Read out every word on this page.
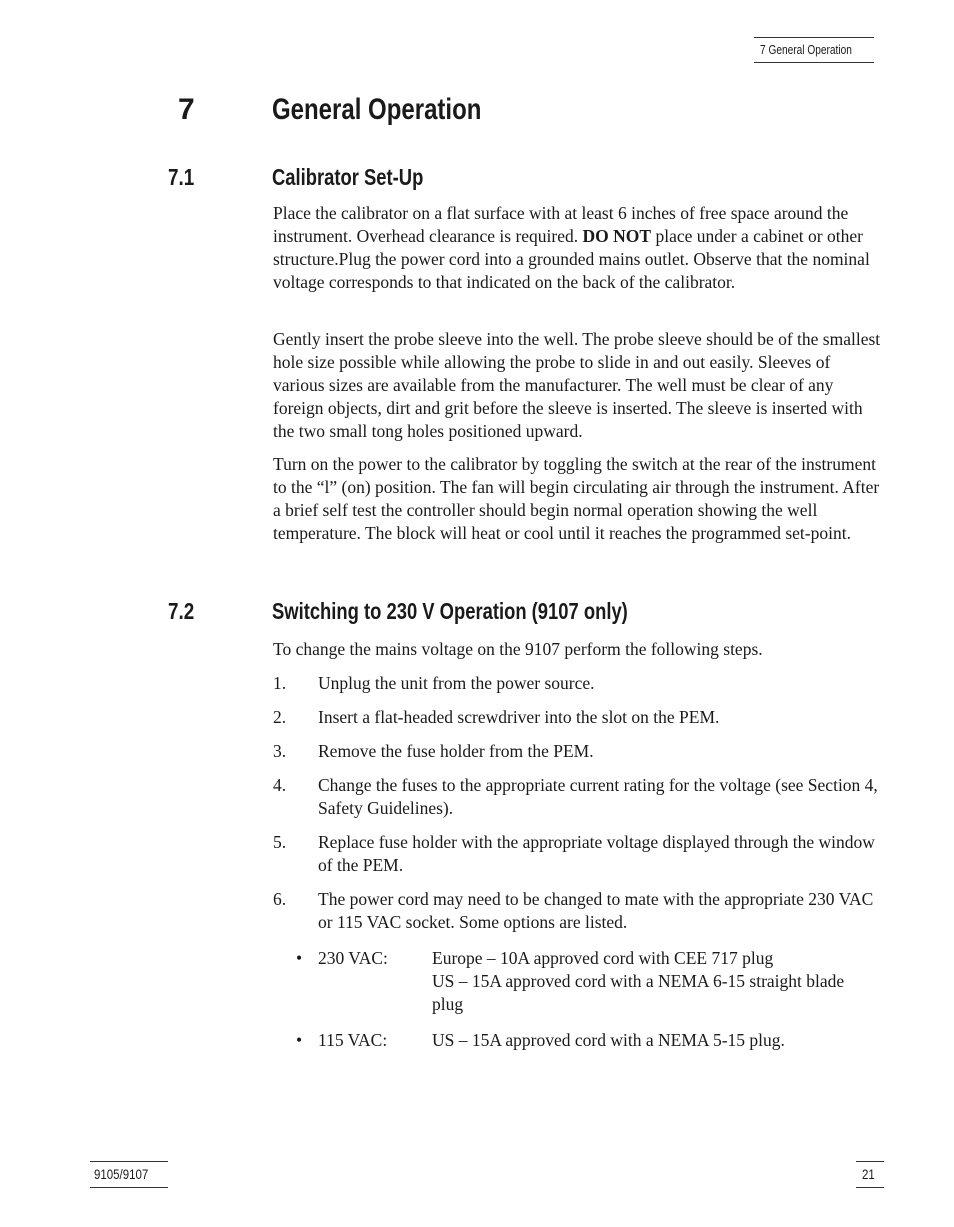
7 General Operation
7	General Operation
7.1	Calibrator Set-Up

Place the calibrator on a flat surface with at least 6 inches of free space around the instrument. Overhead clearance is required. DO NOT place under a cabinet or other structure.Plug the power cord into a grounded mains outlet. Observe that the nominal voltage corresponds to that indicated on the back of the calibrator.

Gently insert the probe sleeve into the well. The probe sleeve should be of the smallest hole size possible while allowing the probe to slide in and out easily. Sleeves of various sizes are available from the manufacturer. The well must be clear of any foreign objects, dirt and grit before the sleeve is inserted. The sleeve is inserted with the two small tong holes positioned upward.

Turn on the power to the calibrator by toggling the switch at the rear of the instrument to the “l” (on) position. The fan will begin circulating air through the instrument. After a brief self test the controller should begin normal operation showing the well temperature. The block will heat or cool until it reaches the programmed set-point.

7.2	Switching to 230 V Operation (9107 only)

To change the mains voltage on the 9107 perform the following steps.

1. Unplug the unit from the power source.
2. Insert a flat-headed screwdriver into the slot on the PEM.
3. Remove the fuse holder from the PEM.
4. Change the fuses to the appropriate current rating for the voltage (see Section 4, Safety Guidelines).
5. Replace fuse holder with the appropriate voltage displayed through the window of the PEM.
6. The power cord may need to be changed to mate with the appropriate 230 VAC or 115 VAC socket. Some options are listed.
• 230 VAC:	Europe – 10A approved cord with CEE 717 plug
US – 15A approved cord with a NEMA 6-15 straight blade plug
• 115 VAC:	US – 15A approved cord with a NEMA 5-15 plug.
9105/9107	21
